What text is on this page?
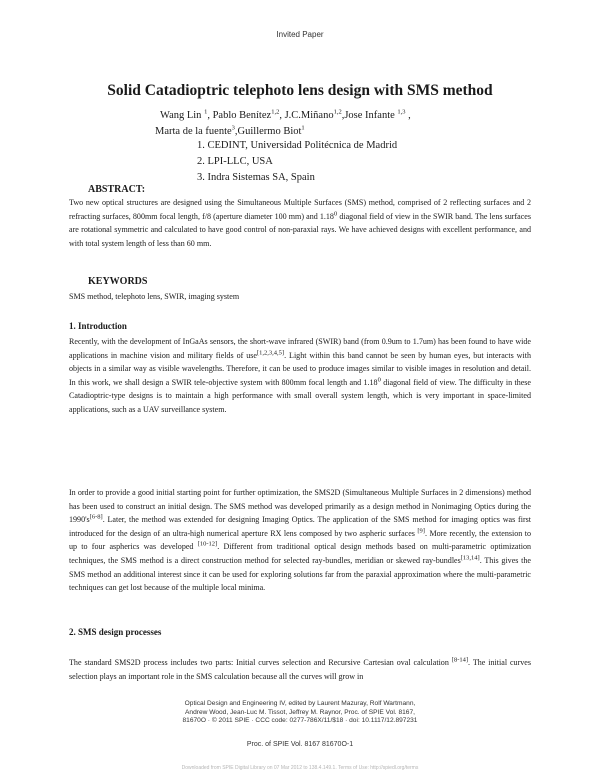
Invited Paper
Solid Catadioptric telephoto lens design with SMS method
Wang Lin $^1$, Pablo Benítez$^{1,2}$, J.C.Miñano$^{1,2}$,Jose Infante $^{1,3}$ ,
Marta de la fuente$^3$,Guillermo Biot$^1$
1. CEDINT, Universidad Politécnica de Madrid
2. LPI-LLC, USA
3. Indra Sistemas SA, Spain
ABSTRACT:
Two new optical structures are designed using the Simultaneous Multiple Surfaces (SMS) method, comprised of 2 reflecting surfaces and 2 refracting surfaces, 800mm focal length, f/8 (aperture diameter 100 mm) and 1.18$^0$ diagonal field of view in the SWIR band. The lens surfaces are rotational symmetric and calculated to have good control of non-paraxial rays. We have achieved designs with excellent performance, and with total system length of less than 60 mm.
KEYWORDS
SMS method, telephoto lens, SWIR, imaging system
1. Introduction
Recently, with the development of InGaAs sensors, the short-wave infrared (SWIR) band (from 0.9um to 1.7um) has been found to have wide applications in machine vision and military fields of use[1,2,3,4,5]. Light within this band cannot be seen by human eyes, but interacts with objects in a similar way as visible wavelengths. Therefore, it can be used to produce images similar to visible images in resolution and detail. In this work, we shall design a SWIR tele-objective system with 800mm focal length and 1.18$^0$ diagonal field of view. The difficulty in these Catadioptric-type designs is to maintain a high performance with small overall system length, which is very important in space-limited applications, such as a UAV surveillance system.
In order to provide a good initial starting point for further optimization, the SMS2D (Simultaneous Multiple Surfaces in 2 dimensions) method has been used to construct an initial design. The SMS method was developed primarily as a design method in Nonimaging Optics during the 1990's[6-8]. Later, the method was extended for designing Imaging Optics. The application of the SMS method for imaging optics was first introduced for the design of an ultra-high numerical aperture RX lens composed by two aspheric surfaces [9]. More recently, the extension to up to four aspherics was developed [10-12]. Different from traditional optical design methods based on multi-parametric optimization techniques, the SMS method is a direct construction method for selected ray-bundles, meridian or skewed ray-bundles[13,14]. This gives the SMS method an additional interest since it can be used for exploring solutions far from the paraxial approximation where the multi-parametric techniques can get lost because of the multiple local minima.
2. SMS design processes
The standard SMS2D process includes two parts: Initial curves selection and Recursive Cartesian oval calculation [8-14]. The initial curves selection plays an important role in the SMS calculation because all the curves will grow in
Optical Design and Engineering IV, edited by Laurent Mazuray, Rolf Wartmann,
Andrew Wood, Jean-Luc M. Tissot, Jeffrey M. Raynor, Proc. of SPIE Vol. 8167,
81670O · © 2011 SPIE · CCC code: 0277-786X/11/$18 · doi: 10.1117/12.897231
Proc. of SPIE Vol. 8167 81670O-1
Downloaded from SPIE Digital Library on 07 Mar 2012 to 138.4.149.1. Terms of Use: http://spiedl.org/terms
